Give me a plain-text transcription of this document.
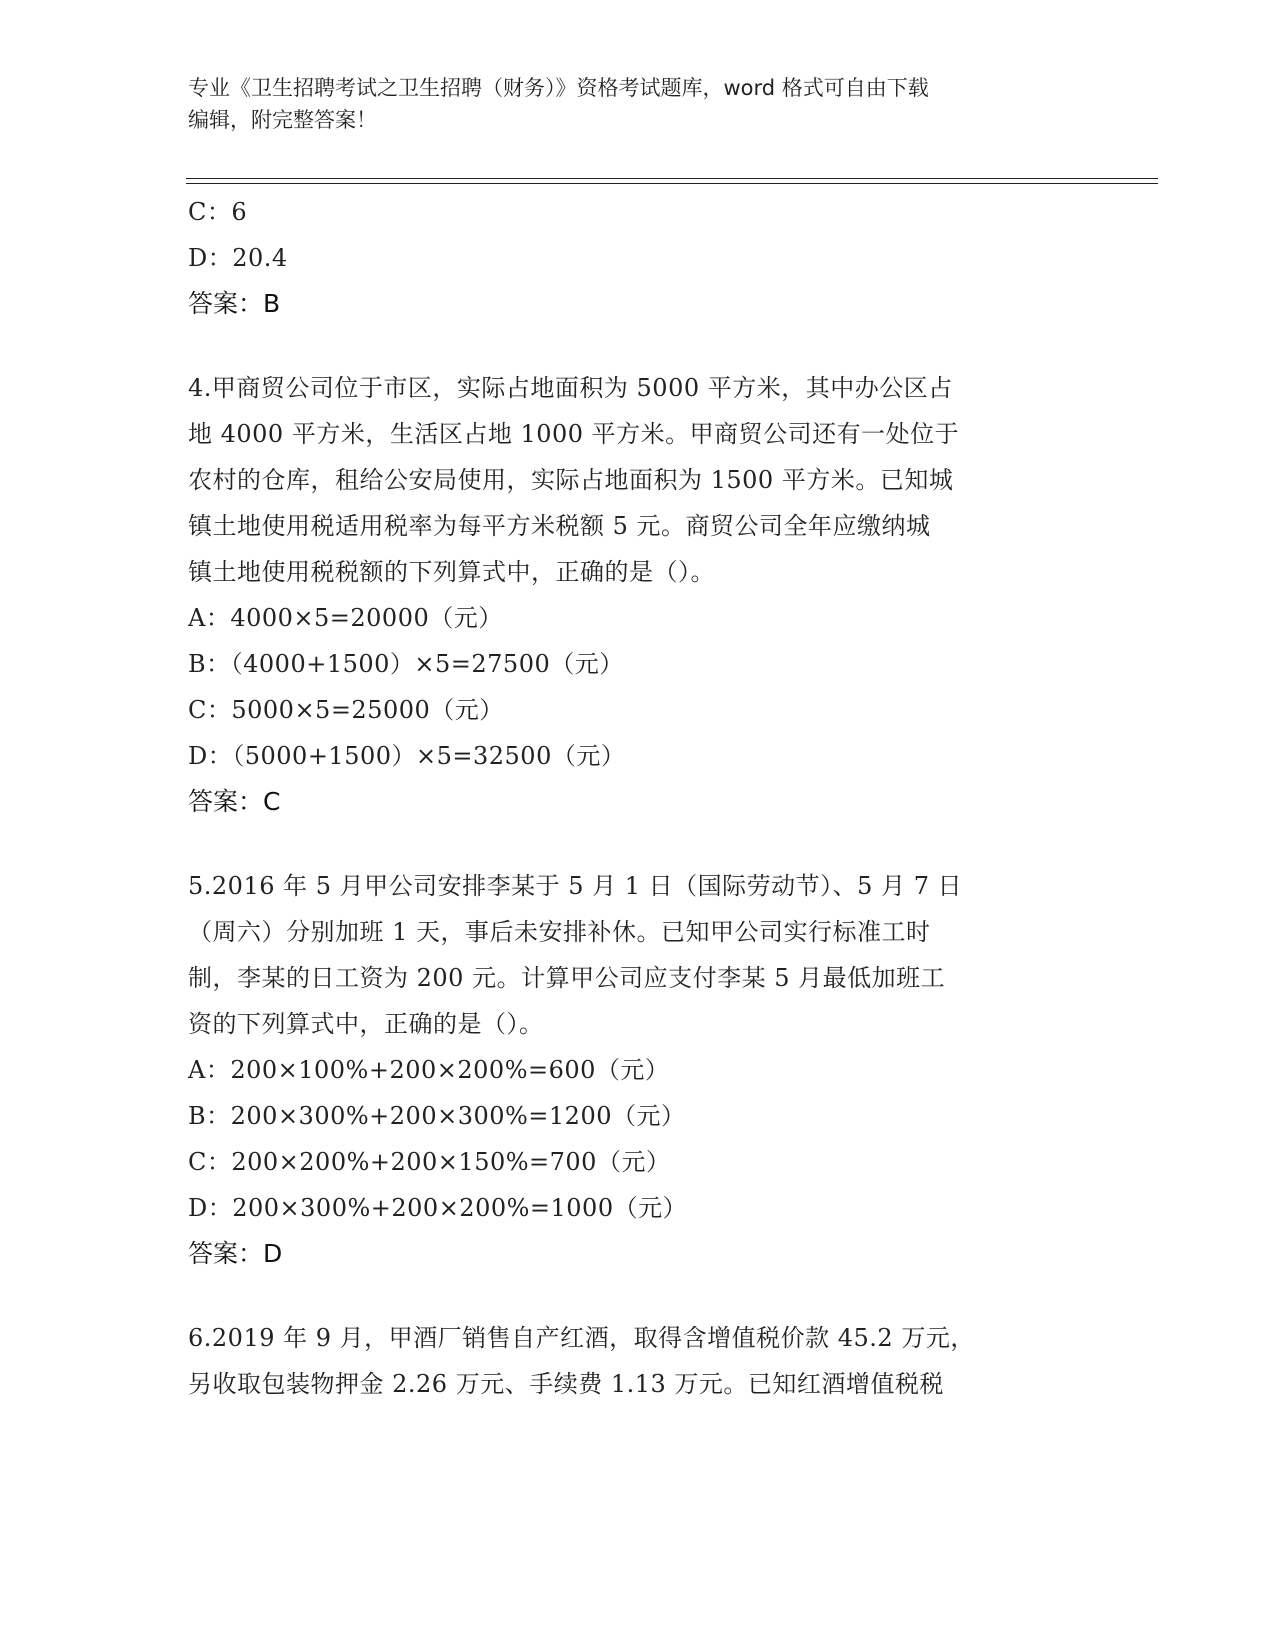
专业《卫生招聘考试之卫生招聘（财务）》资格考试题库，word 格式可自由下载
编辑，附完整答案！
C：6
D：20.4
答案：B
4.甲商贸公司位于市区，实际占地面积为 5000 平方米，其中办公区占
地 4000 平方米，生活区占地 1000 平方米。甲商贸公司还有一处位于
农村的仓库，租给公安局使用，实际占地面积为 1500 平方米。已知城
镇土地使用税适用税率为每平方米税额 5 元。商贸公司全年应缴纳城
镇土地使用税税额的下列算式中，正确的是（）。
A：4000×5=20000（元）
B：（4000+1500）×5=27500（元）
C：5000×5=25000（元）
D：（5000+1500）×5=32500（元）
答案：C
5.2016 年 5 月甲公司安排李某于 5 月 1 日（国际劳动节）、5 月 7 日
（周六）分别加班 1 天，事后未安排补休。已知甲公司实行标准工时
制，李某的日工资为 200 元。计算甲公司应支付李某 5 月最低加班工
资的下列算式中，正确的是（）。
A：200×100%+200×200%=600（元）
B：200×300%+200×300%=1200（元）
C：200×200%+200×150%=700（元）
D：200×300%+200×200%=1000（元）
答案：D
6.2019 年 9 月，甲酒厂销售自产红酒，取得含增值税价款 45.2 万元，
另收取包装物押金 2.26 万元、手续费 1.13 万元。已知红酒增值税税
